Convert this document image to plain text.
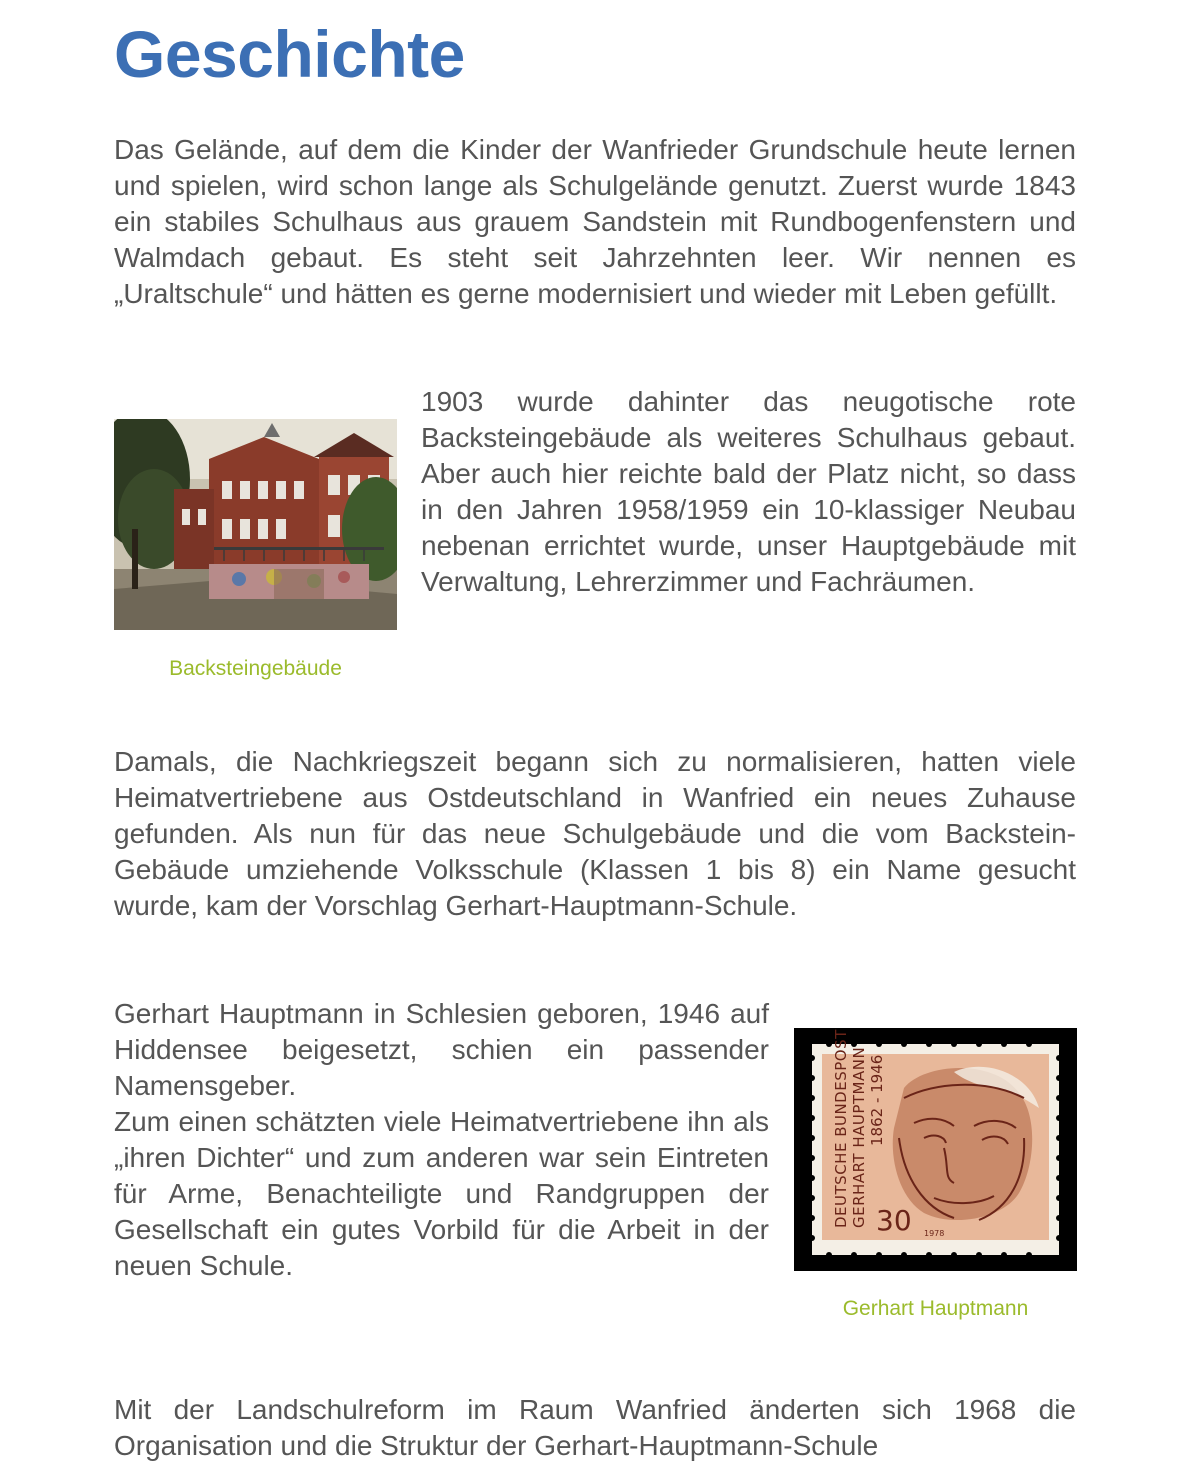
Geschichte

Das Gelände, auf dem die Kinder der Wanfrieder Grundschule heute lernen und spielen, wird schon lange als Schulgelände genutzt. Zuerst wurde 1843 ein stabiles Schulhaus aus grauem Sandstein mit Rundbogenfenstern und Walmdach gebaut. Es steht seit Jahrzehnten leer. Wir nennen es „Uraltschule“ und hätten es gerne modernisiert und wieder mit Leben gefüllt.

1903 wurde dahinter das neugotische rote Backsteingebäude als weiteres Schulhaus gebaut. Aber auch hier reichte bald der Platz nicht, so dass in den Jahren 1958/1959 ein 10-klassiger Neubau nebenan errichtet wurde, unser Hauptgebäude mit Verwaltung, Lehrerzimmer und Fachräumen.

Backsteingebäude

Damals, die Nachkriegszeit begann sich zu normalisieren, hatten viele Heimatvertriebene aus Ostdeutschland in Wanfried ein neues Zuhause gefunden. Als nun für das neue Schulgebäude und die vom Backstein-Gebäude umziehende Volksschule (Klassen 1 bis 8) ein Name gesucht wurde, kam der Vorschlag Gerhart-Hauptmann-Schule.

Gerhart Hauptmann in Schlesien geboren, 1946 auf Hiddensee beigesetzt, schien ein passender Namensgeber.
Zum einen schätzten viele Heimatvertriebene ihn als „ihren Dichter“ und zum anderen war sein Eintreten für Arme, Benachteiligte und Randgruppen der Gesellschaft ein gutes Vorbild für die Arbeit in der neuen Schule.
DEUTSCHE BUNDESPOST GERHART HAUPTMANN 1862 - 1946
30 1978
Gerhart Hauptmann

Mit der Landschulreform im Raum Wanfried änderten sich 1968 die Organisation und die Struktur der Gerhart-Hauptmann-Schule
